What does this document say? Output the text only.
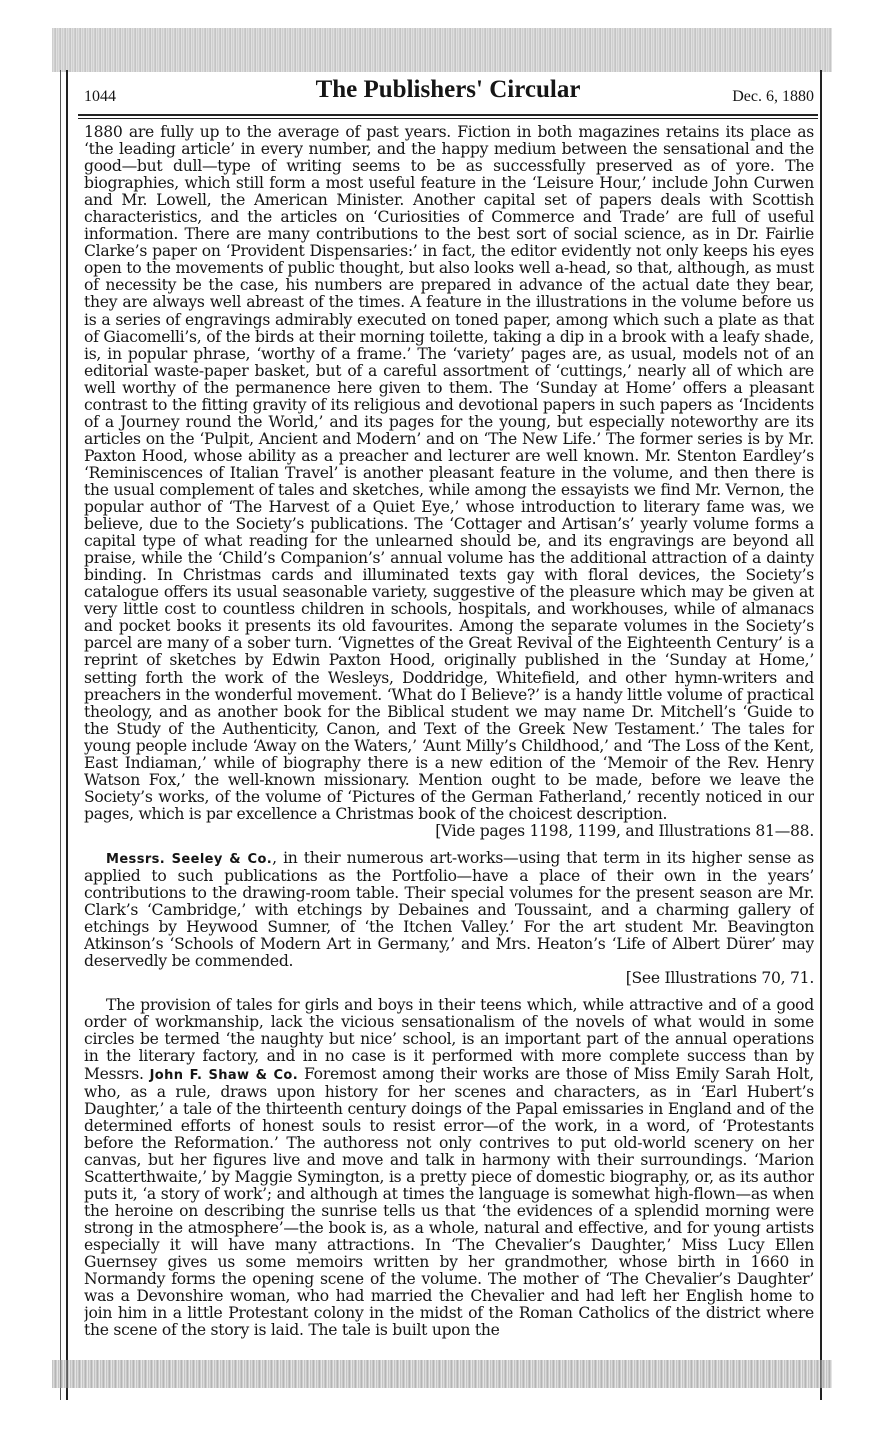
1044	The Publishers' Circular	Dec. 6, 1880

1880 are fully up to the average of past years. Fiction in both magazines retains its place as ‘the leading article’ in every number, and the happy medium between the sensational and the good—but dull—type of writing seems to be as successfully preserved as of yore. The biographies, which still form a most useful feature in the ‘Leisure Hour,’ include John Curwen and Mr. Lowell, the American Minister. Another capital set of papers deals with Scottish characteristics, and the articles on ‘Curiosities of Commerce and Trade’ are full of useful information. There are many contributions to the best sort of social science, as in Dr. Fairlie Clarke’s paper on ‘Provident Dispensaries:’ in fact, the editor evidently not only keeps his eyes open to the movements of public thought, but also looks well a-head, so that, although, as must of necessity be the case, his numbers are prepared in advance of the actual date they bear, they are always well abreast of the times. A feature in the illustrations in the volume before us is a series of engravings admirably executed on toned paper, among which such a plate as that of Giacomelli’s, of the birds at their morning toilette, taking a dip in a brook with a leafy shade, is, in popular phrase, ‘worthy of a frame.’ The ‘variety’ pages are, as usual, models not of an editorial waste-paper basket, but of a careful assortment of ‘cuttings,’ nearly all of which are well worthy of the permanence here given to them. The ‘Sunday at Home’ offers a pleasant contrast to the fitting gravity of its religious and devotional papers in such papers as ‘Incidents of a Journey round the World,’ and its pages for the young, but especially noteworthy are its articles on the ‘Pulpit, Ancient and Modern’ and on ‘The New Life.’ The former series is by Mr. Paxton Hood, whose ability as a preacher and lecturer are well known. Mr. Stenton Eardley’s ‘Reminiscences of Italian Travel’ is another pleasant feature in the volume, and then there is the usual complement of tales and sketches, while among the essayists we find Mr. Vernon, the popular author of ‘The Harvest of a Quiet Eye,’ whose introduction to literary fame was, we believe, due to the Society’s publications. The ‘Cottager and Artisan’s’ yearly volume forms a capital type of what reading for the unlearned should be, and its engravings are beyond all praise, while the ‘Child’s Companion’s’ annual volume has the additional attraction of a dainty binding. In Christmas cards and illuminated texts gay with floral devices, the Society’s catalogue offers its usual seasonable variety, suggestive of the pleasure which may be given at very little cost to countless children in schools, hospitals, and workhouses, while of almanacs and pocket books it presents its old favourites. Among the separate volumes in the Society’s parcel are many of a sober turn. ‘Vignettes of the Great Revival of the Eighteenth Century’ is a reprint of sketches by Edwin Paxton Hood, originally published in the ‘Sunday at Home,’ setting forth the work of the Wesleys, Doddridge, Whitefield, and other hymn-writers and preachers in the wonderful movement. ‘What do I Believe?’ is a handy little volume of practical theology, and as another book for the Biblical student we may name Dr. Mitchell’s ‘Guide to the Study of the Authenticity, Canon, and Text of the Greek New Testament.’ The tales for young people include ‘Away on the Waters,’ ‘Aunt Milly’s Childhood,’ and ‘The Loss of the Kent, East Indiaman,’ while of biography there is a new edition of the ‘Memoir of the Rev. Henry Watson Fox,’ the well-known missionary. Mention ought to be made, before we leave the Society’s works, of the volume of ‘Pictures of the German Fatherland,’ recently noticed in our pages, which is par excellence a Christmas book of the choicest description.
[Vide pages 1198, 1199, and Illustrations 81—88.

Messrs. Seeley & Co., in their numerous art-works—using that term in its higher sense as applied to such publications as the Portfolio—have a place of their own in the years’ contributions to the drawing-room table. Their special volumes for the present season are Mr. Clark’s ‘Cambridge,’ with etchings by Debaines and Toussaint, and a charming gallery of etchings by Heywood Sumner, of ‘the Itchen Valley.’ For the art student Mr. Beavington Atkinson’s ‘Schools of Modern Art in Germany,’ and Mrs. Heaton’s ‘Life of Albert Dürer’ may deservedly be commended.
[See Illustrations 70, 71.

The provision of tales for girls and boys in their teens which, while attractive and of a good order of workmanship, lack the vicious sensationalism of the novels of what would in some circles be termed ‘the naughty but nice’ school, is an important part of the annual operations in the literary factory, and in no case is it performed with more complete success than by Messrs. John F. Shaw & Co. Foremost among their works are those of Miss Emily Sarah Holt, who, as a rule, draws upon history for her scenes and characters, as in ‘Earl Hubert’s Daughter,’ a tale of the thirteenth century doings of the Papal emissaries in England and of the determined efforts of honest souls to resist error—of the work, in a word, of ‘Protestants before the Reformation.’ The authoress not only contrives to put old-world scenery on her canvas, but her figures live and move and talk in harmony with their surroundings. ‘Marion Scatterthwaite,’ by Maggie Symington, is a pretty piece of domestic biography, or, as its author puts it, ‘a story of work’; and although at times the language is somewhat high-flown—as when the heroine on describing the sunrise tells us that ‘the evidences of a splendid morning were strong in the atmosphere’—the book is, as a whole, natural and effective, and for young artists especially it will have many attractions. In ‘The Chevalier’s Daughter,’ Miss Lucy Ellen Guernsey gives us some memoirs written by her grandmother, whose birth in 1660 in Normandy forms the opening scene of the volume. The mother of ‘The Chevalier’s Daughter’ was a Devonshire woman, who had married the Chevalier and had left her English home to join him in a little Protestant colony in the midst of the Roman Catholics of the district where the scene of the story is laid. The tale is built upon the
